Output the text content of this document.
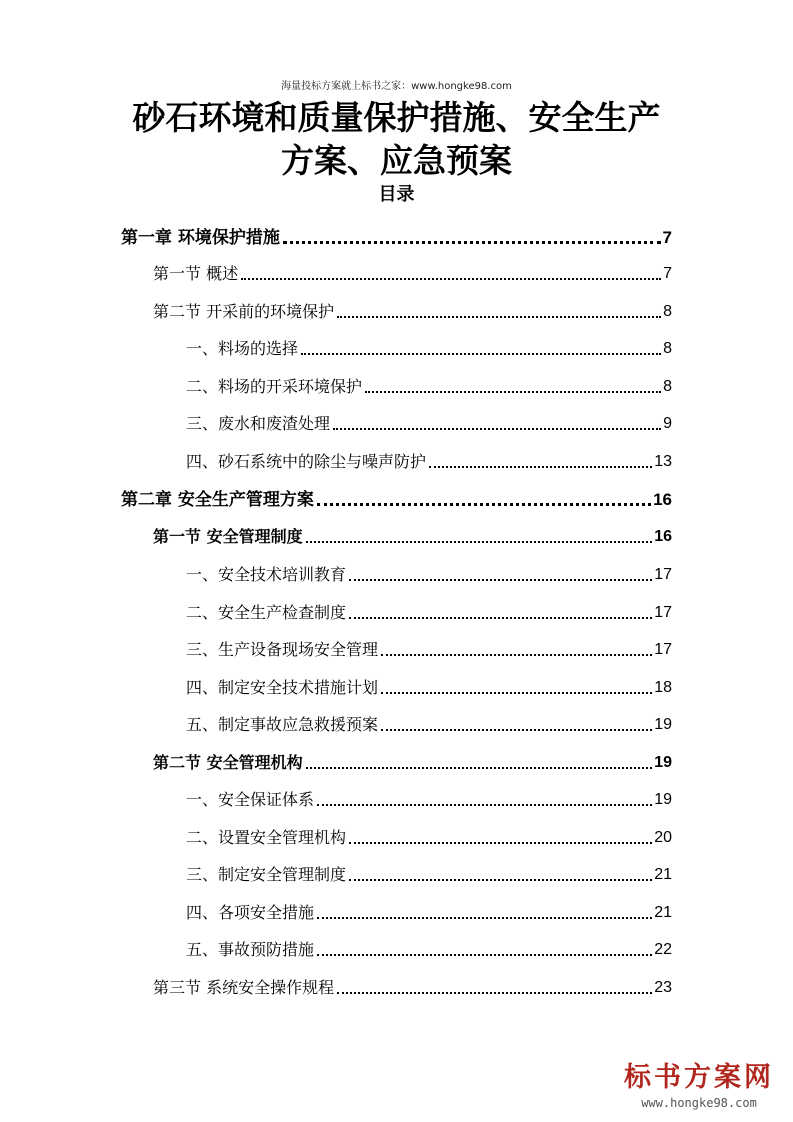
海量投标方案就上标书之家：www.hongke98.com
砂石环境和质量保护措施、安全生产
方案、应急预案
目录
第一章 环境保护措施	7
第一节 概述	7
第二节 开采前的环境保护	8
一、料场的选择	8
二、料场的开采环境保护	8
三、废水和废渣处理	9
四、砂石系统中的除尘与噪声防护	13
第二章 安全生产管理方案	16
第一节 安全管理制度	16
一、安全技术培训教育	17
二、安全生产检查制度	17
三、生产设备现场安全管理	17
四、制定安全技术措施计划	18
五、制定事故应急救援预案	19
第二节 安全管理机构	19
一、安全保证体系	19
二、设置安全管理机构	20
三、制定安全管理制度	21
四、各项安全措施	21
五、事故预防措施	22
第三节 系统安全操作规程	23
标书方案网
www.hongke98.com
